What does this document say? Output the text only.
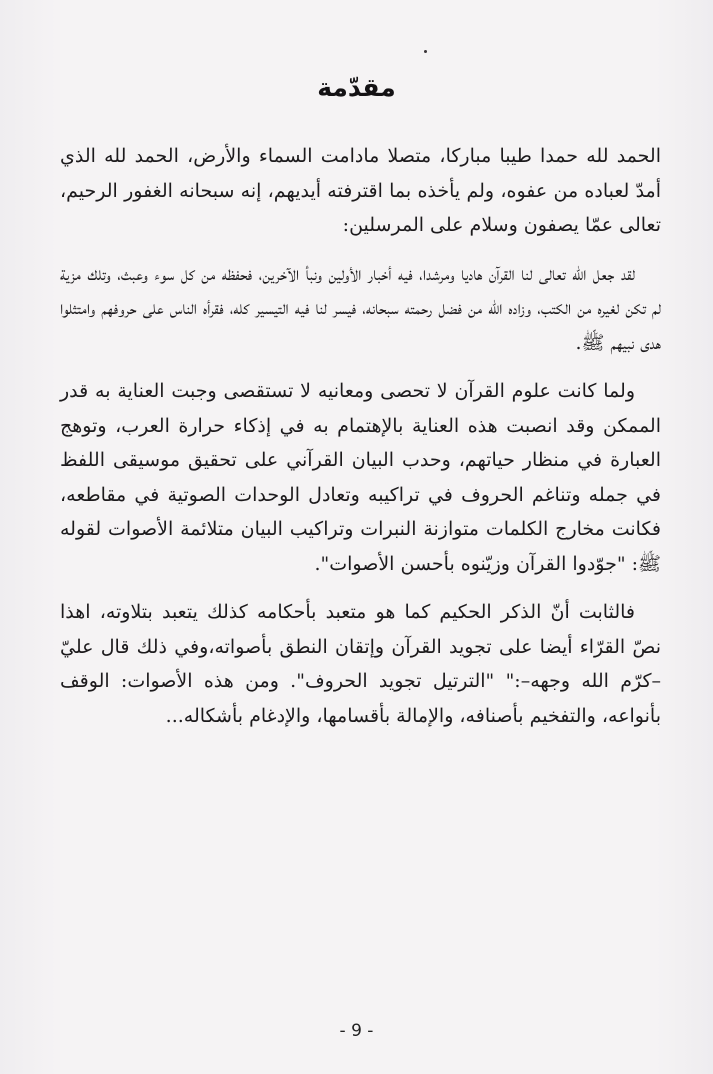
مقدّمة

الحمد لله حمدا طيبا مباركا، متصلا مادامت السماء والأرض، الحمد لله الذي أمدّ لعباده من عفوه، ولم يأخذه بما اقترفته أيديهم، إنه سبحانه الغفور الرحيم، تعالى عمّا يصفون وسلام على المرسلين:

لقد جعل الله تعالى لنا القرآن هاديا ومرشدا، فيه أخبار الأولين ونبأ الآخرين، فحفظه من كل سوء وعبث، وتلك مزية لم تكن لغيره من الكتب، وزاده الله من فضل رحمته سبحانه، فيسر لنا فيه التيسير كله، فقرأه الناس على حروفهم وامتثلوا هدى نبيهم ﷺ.

ولما كانت علوم القرآن لا تحصى ومعانيه لا تستقصى وجبت العناية به قدر الممكن وقد انصبت هذه العناية بالإهتمام به في إذكاء حرارة العرب، وتوهج العبارة في منظار حياتهم، وحدب البيان القرآني على تحقيق موسيقى اللفظ في جمله وتناغم الحروف في تراكيبه وتعادل الوحدات الصوتية في مقاطعه، فكانت مخارج الكلمات متوازنة النبرات وتراكيب البيان متلائمة الأصوات لقوله ﷺ: "جوّدوا القرآن وزيّنوه بأحسن الأصوات".

فالثابت أنّ الذكر الحكيم كما هو متعبد بأحكامه كذلك يتعبد بتلاوته، اهذا نصّ القرّاء أيضا على تجويد القرآن وإتقان النطق بأصواته،وفي ذلك قال عليّ –كرّم الله وجهه–:" "الترتيل تجويد الحروف". ومن هذه الأصوات: الوقف بأنواعه، والتفخيم بأصنافه، والإمالة بأقسامها، والإدغام بأشكاله...

- 9 -
